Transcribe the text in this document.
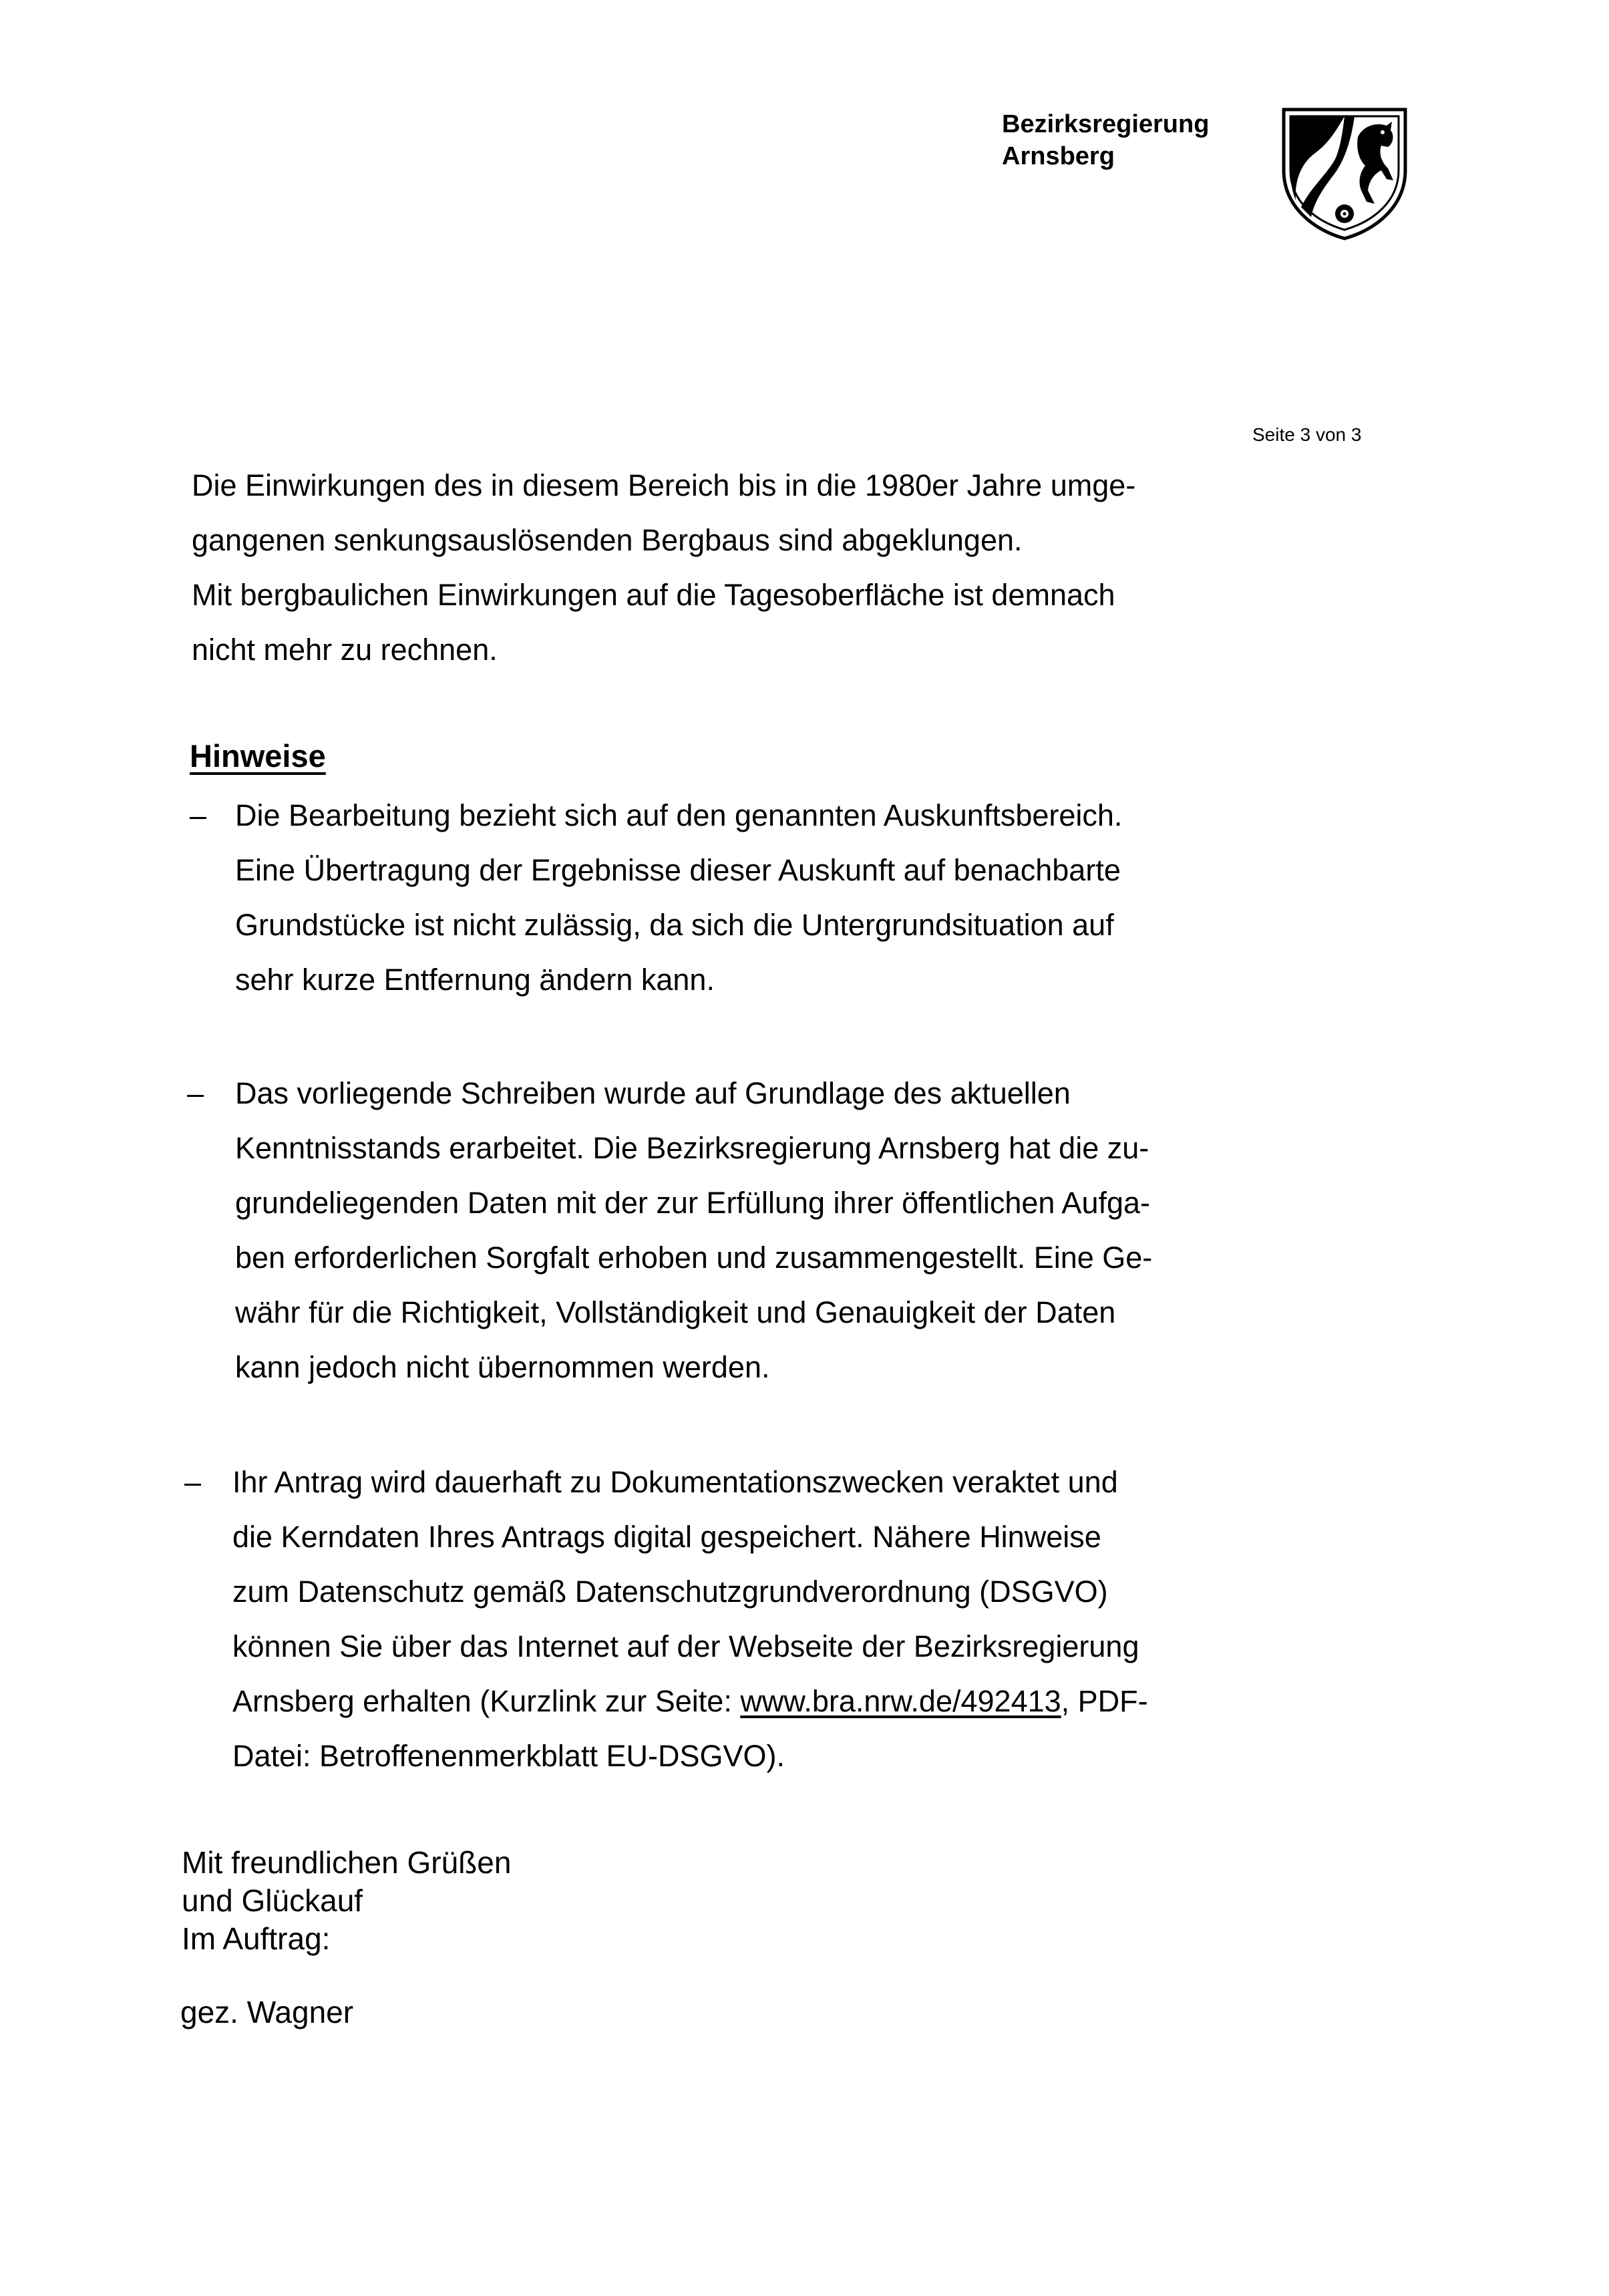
Bezirksregierung
Arnsberg
Seite 3 von 3
Die Einwirkungen des in diesem Bereich bis in die 1980er Jahre umge-
gangenen senkungsauslösenden Bergbaus sind abgeklungen.
Mit bergbaulichen Einwirkungen auf die Tagesoberfläche ist demnach
nicht mehr zu rechnen.
Hinweise
– Die Bearbeitung bezieht sich auf den genannten Auskunftsbereich.
Eine Übertragung der Ergebnisse dieser Auskunft auf benachbarte
Grundstücke ist nicht zulässig, da sich die Untergrundsituation auf
sehr kurze Entfernung ändern kann.
– Das vorliegende Schreiben wurde auf Grundlage des aktuellen
Kenntnisstands erarbeitet. Die Bezirksregierung Arnsberg hat die zu-
grundeliegenden Daten mit der zur Erfüllung ihrer öffentlichen Aufga-
ben erforderlichen Sorgfalt erhoben und zusammengestellt. Eine Ge-
währ für die Richtigkeit, Vollständigkeit und Genauigkeit der Daten
kann jedoch nicht übernommen werden.
– Ihr Antrag wird dauerhaft zu Dokumentationszwecken veraktet und
die Kerndaten Ihres Antrags digital gespeichert. Nähere Hinweise
zum Datenschutz gemäß Datenschutzgrundverordnung (DSGVO)
können Sie über das Internet auf der Webseite der Bezirksregierung
Arnsberg erhalten (Kurzlink zur Seite: www.bra.nrw.de/492413, PDF-
Datei: Betroffenenmerkblatt EU-DSGVO).
Mit freundlichen Grüßen
und Glückauf
Im Auftrag:
gez. Wagner
